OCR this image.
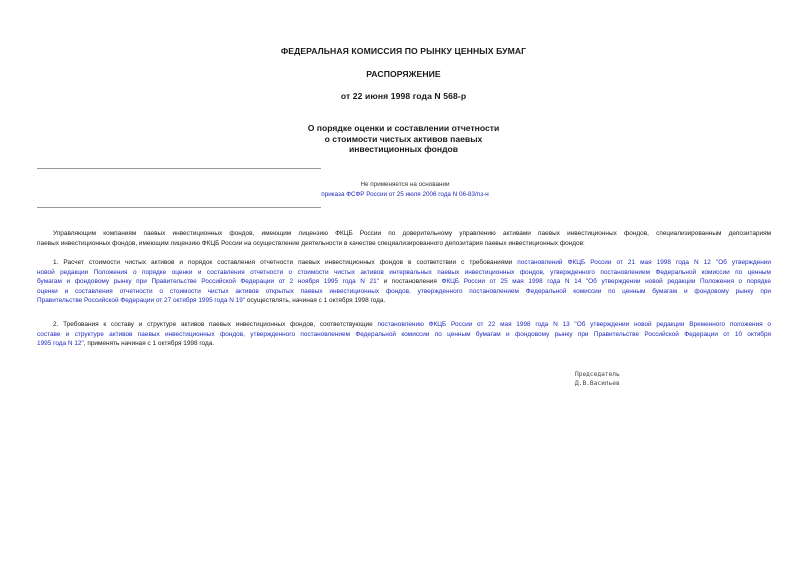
ФЕДЕРАЛЬНАЯ КОМИССИЯ ПО РЫНКУ ЦЕННЫХ БУМАГ
РАСПОРЯЖЕНИЕ
от 22 июня 1998 года N 568-р
О порядке оценки и составлении отчетности
о стоимости чистых активов паевых
инвестиционных фондов
Не применяется на основании
приказа ФСФР России от 25 июля 2006 года N 06-83/пз-н
Управляющим компаниям паевых инвестиционных фондов, имеющим лицензию ФКЦБ России по доверительному управлению активами паевых инвестиционных фондов, специализированным депозитариям
паевых инвестиционных фондов, имеющим лицензию ФКЦБ России на осуществление деятельности в качестве специализированного депозитария паевых инвестиционных фондов:
1. Расчет стоимости чистых активов и порядок составления отчетности паевых инвестиционных фондов в соответствии с требованиями постановлений ФКЦБ России от 21 мая 1998 года N 12 "Об утверждении
новой редакции Положения о порядке оценки и составления отчетности о стоимости чистых активов интервальных паевых инвестиционных фондов, утвержденного постановлением Федеральной комиссии по ценным
бумагам и фондовому рынку при Правительстве Российской Федерации от 2 ноября 1995 года N 21" и постановления ФКЦБ России от 25 мая 1998 года N 14 "Об утверждении новой редакции Положения о порядке
оценки и составления отчетности о стоимости чистых активов открытых паевых инвестиционных фондов, утвержденного постановлением Федеральной комиссии по ценным бумагам и фондовому рынку при
Правительстве Российской Федерации от 27 октября 1995 года N 19" осуществлять, начиная с 1 октября 1998 года.
2. Требования к составу и структуре активов паевых инвестиционных фондов, соответствующие постановлению ФКЦБ России от 22 мая 1998 года N 13 "Об утверждении новой редакции Временного положения о
составе и структуре активов паевых инвестиционных фондов, утвержденного постановлением Федеральной комиссии по ценным бумагам и фондовому рынку при Правительстве Российской Федерации от 10 октября
1995 года N 12", применять начиная с 1 октября 1998 года.
Председатель
Д.В.Васильев
